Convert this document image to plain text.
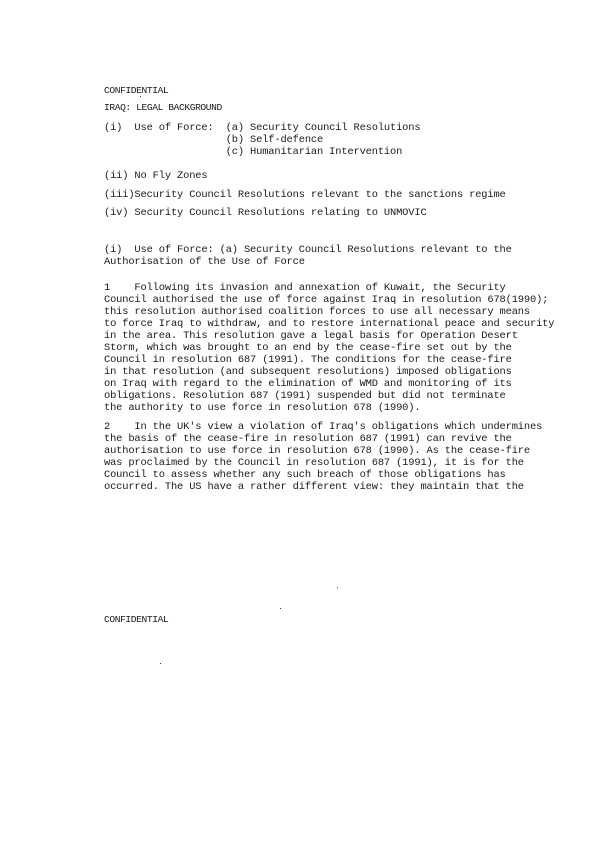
CONFIDENTIAL
IRAQ: LEGAL BACKGROUND
(i)  Use of Force:  (a) Security Council Resolutions
(b) Self-defence
(c) Humanitarian Intervention
(ii) No Fly Zones
(iii)Security Council Resolutions relevant to the sanctions regime
(iv) Security Council Resolutions relating to UNMOVIC
(i)  Use of Force: (a) Security Council Resolutions relevant to the
Authorisation of the Use of Force
1    Following its invasion and annexation of Kuwait, the Security
Council authorised the use of force against Iraq in resolution 678(1990);
this resolution authorised coalition forces to use all necessary means
to force Iraq to withdraw, and to restore international peace and security
in the area. This resolution gave a legal basis for Operation Desert
Storm, which was brought to an end by the cease-fire set out by the
Council in resolution 687 (1991). The conditions for the cease-fire
in that resolution (and subsequent resolutions) imposed obligations
on Iraq with regard to the elimination of WMD and monitoring of its
obligations. Resolution 687 (1991) suspended but did not terminate
the authority to use force in resolution 678 (1990).
2    In the UK's view a violation of Iraq's obligations which undermines
the basis of the cease-fire in resolution 687 (1991) can revive the
authorisation to use force in resolution 678 (1990). As the cease-fire
was proclaimed by the Council in resolution 687 (1991), it is for the
Council to assess whether any such breach of those obligations has
occurred. The US have a rather different view: they maintain that the
CONFIDENTIAL
